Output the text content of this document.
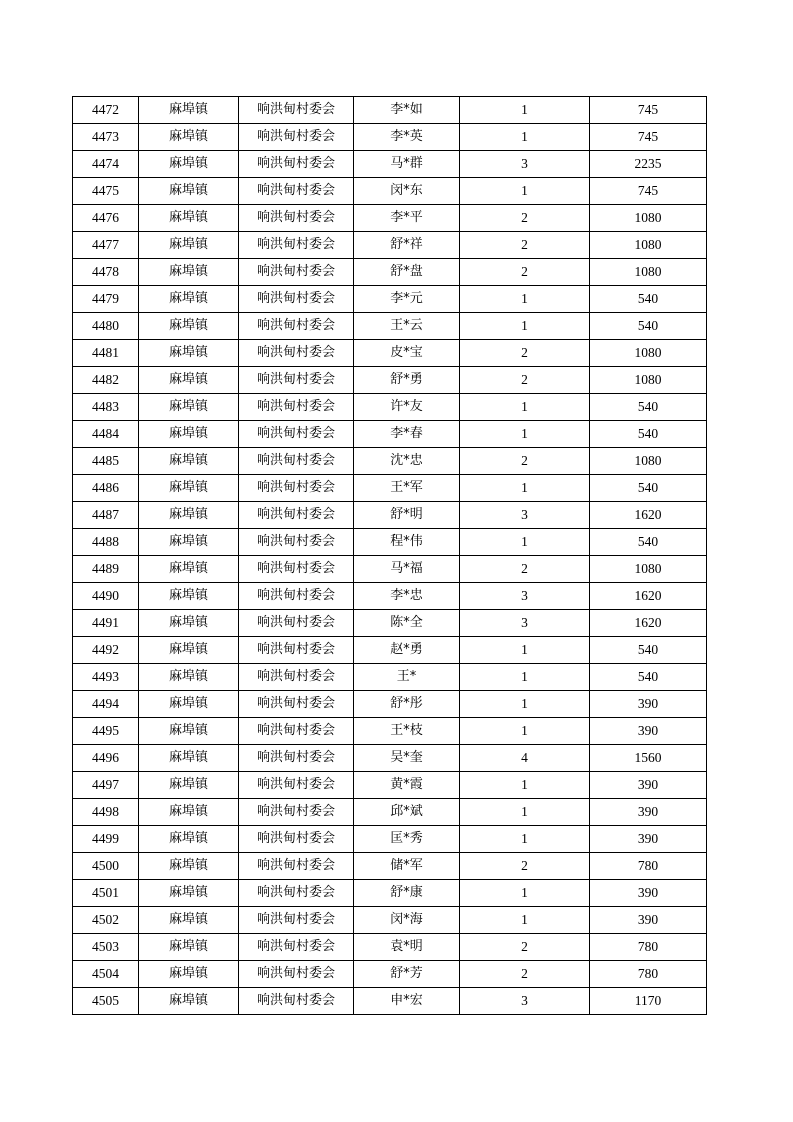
4472	麻埠镇	响洪甸村委会	李*如	1	745
4473	麻埠镇	响洪甸村委会	李*英	1	745
4474	麻埠镇	响洪甸村委会	马*群	3	2235
4475	麻埠镇	响洪甸村委会	闵*东	1	745
4476	麻埠镇	响洪甸村委会	李*平	2	1080
4477	麻埠镇	响洪甸村委会	舒*祥	2	1080
4478	麻埠镇	响洪甸村委会	舒*盘	2	1080
4479	麻埠镇	响洪甸村委会	李*元	1	540
4480	麻埠镇	响洪甸村委会	王*云	1	540
4481	麻埠镇	响洪甸村委会	皮*宝	2	1080
4482	麻埠镇	响洪甸村委会	舒*勇	2	1080
4483	麻埠镇	响洪甸村委会	许*友	1	540
4484	麻埠镇	响洪甸村委会	李*春	1	540
4485	麻埠镇	响洪甸村委会	沈*忠	2	1080
4486	麻埠镇	响洪甸村委会	王*军	1	540
4487	麻埠镇	响洪甸村委会	舒*明	3	1620
4488	麻埠镇	响洪甸村委会	程*伟	1	540
4489	麻埠镇	响洪甸村委会	马*福	2	1080
4490	麻埠镇	响洪甸村委会	李*忠	3	1620
4491	麻埠镇	响洪甸村委会	陈*全	3	1620
4492	麻埠镇	响洪甸村委会	赵*勇	1	540
4493	麻埠镇	响洪甸村委会	王*	1	540
4494	麻埠镇	响洪甸村委会	舒*彤	1	390
4495	麻埠镇	响洪甸村委会	王*枝	1	390
4496	麻埠镇	响洪甸村委会	吴*奎	4	1560
4497	麻埠镇	响洪甸村委会	黄*霞	1	390
4498	麻埠镇	响洪甸村委会	邱*斌	1	390
4499	麻埠镇	响洪甸村委会	匡*秀	1	390
4500	麻埠镇	响洪甸村委会	储*军	2	780
4501	麻埠镇	响洪甸村委会	舒*康	1	390
4502	麻埠镇	响洪甸村委会	闵*海	1	390
4503	麻埠镇	响洪甸村委会	袁*明	2	780
4504	麻埠镇	响洪甸村委会	舒*芳	2	780
4505	麻埠镇	响洪甸村委会	申*宏	3	1170
